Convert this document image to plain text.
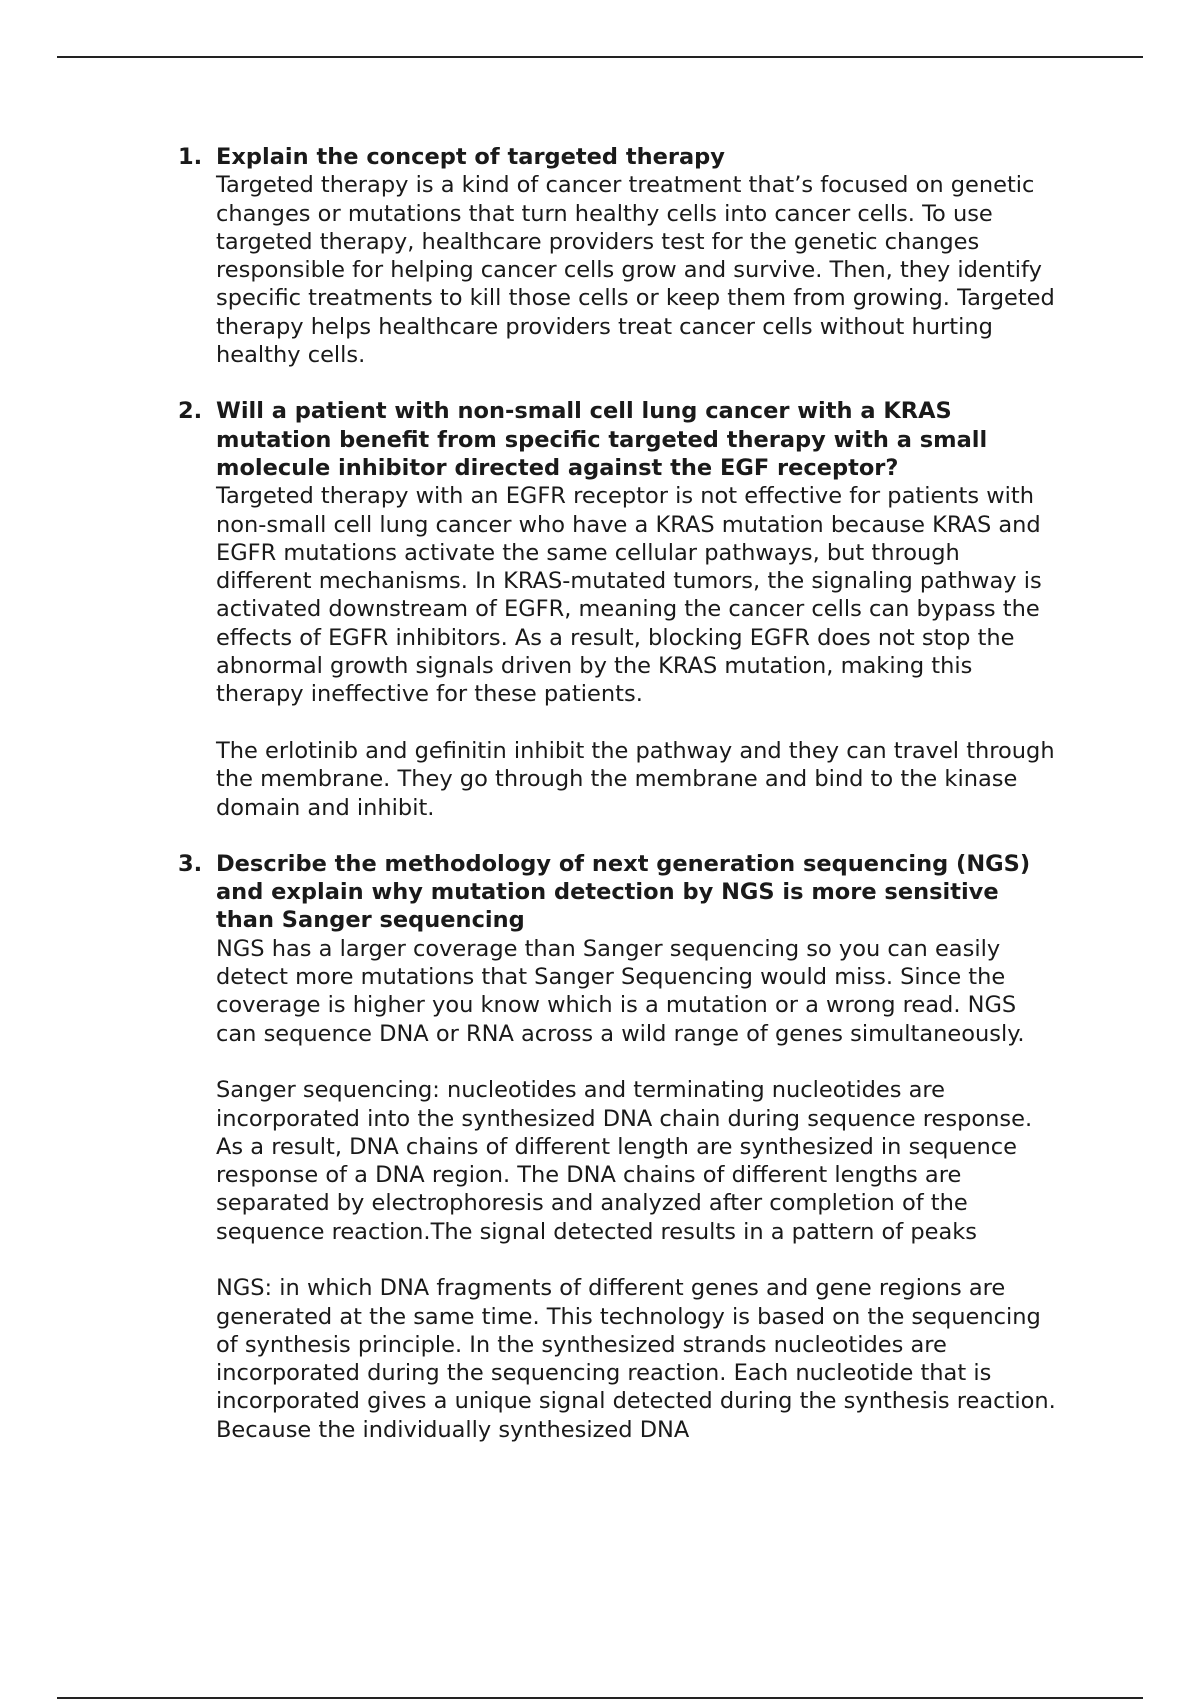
1. Explain the concept of targeted therapy

Targeted therapy is a kind of cancer treatment that’s focused on genetic changes or mutations that turn healthy cells into cancer cells. To use targeted therapy, healthcare providers test for the genetic changes responsible for helping cancer cells grow and survive. Then, they identify specific treatments to kill those cells or keep them from growing. Targeted therapy helps healthcare providers treat cancer cells without hurting healthy cells.

2. Will a patient with non-small cell lung cancer with a KRAS mutation benefit from specific targeted therapy with a small molecule inhibitor directed against the EGF receptor?

Targeted therapy with an EGFR receptor is not effective for patients with non-small cell lung cancer who have a KRAS mutation because KRAS and EGFR mutations activate the same cellular pathways, but through different mechanisms. In KRAS-mutated tumors, the signaling pathway is activated downstream of EGFR, meaning the cancer cells can bypass the effects of EGFR inhibitors. As a result, blocking EGFR does not stop the abnormal growth signals driven by the KRAS mutation, making this therapy ineffective for these patients.

The erlotinib and gefinitin inhibit the pathway and they can travel through the membrane. They go through the membrane and bind to the kinase domain and inhibit.

3. Describe the methodology of next generation sequencing (NGS) and explain why mutation detection by NGS is more sensitive than Sanger sequencing

NGS has a larger coverage than Sanger sequencing so you can easily detect more mutations that Sanger Sequencing would miss. Since the coverage is higher you know which is a mutation or a wrong read. NGS can sequence DNA or RNA across a wild range of genes simultaneously.

Sanger sequencing: nucleotides and terminating nucleotides are incorporated into the synthesized DNA chain during sequence response. As a result, DNA chains of different length are synthesized in sequence response of a DNA region. The DNA chains of different lengths are separated by electrophoresis and analyzed after completion of the sequence reaction.The signal detected results in a pattern of peaks

NGS: in which DNA fragments of different genes and gene regions are generated at the same time. This technology is based on the sequencing of synthesis principle. In the synthesized strands nucleotides are incorporated during the sequencing reaction. Each nucleotide that is incorporated gives a unique signal detected during the synthesis reaction. Because the individually synthesized DNA
